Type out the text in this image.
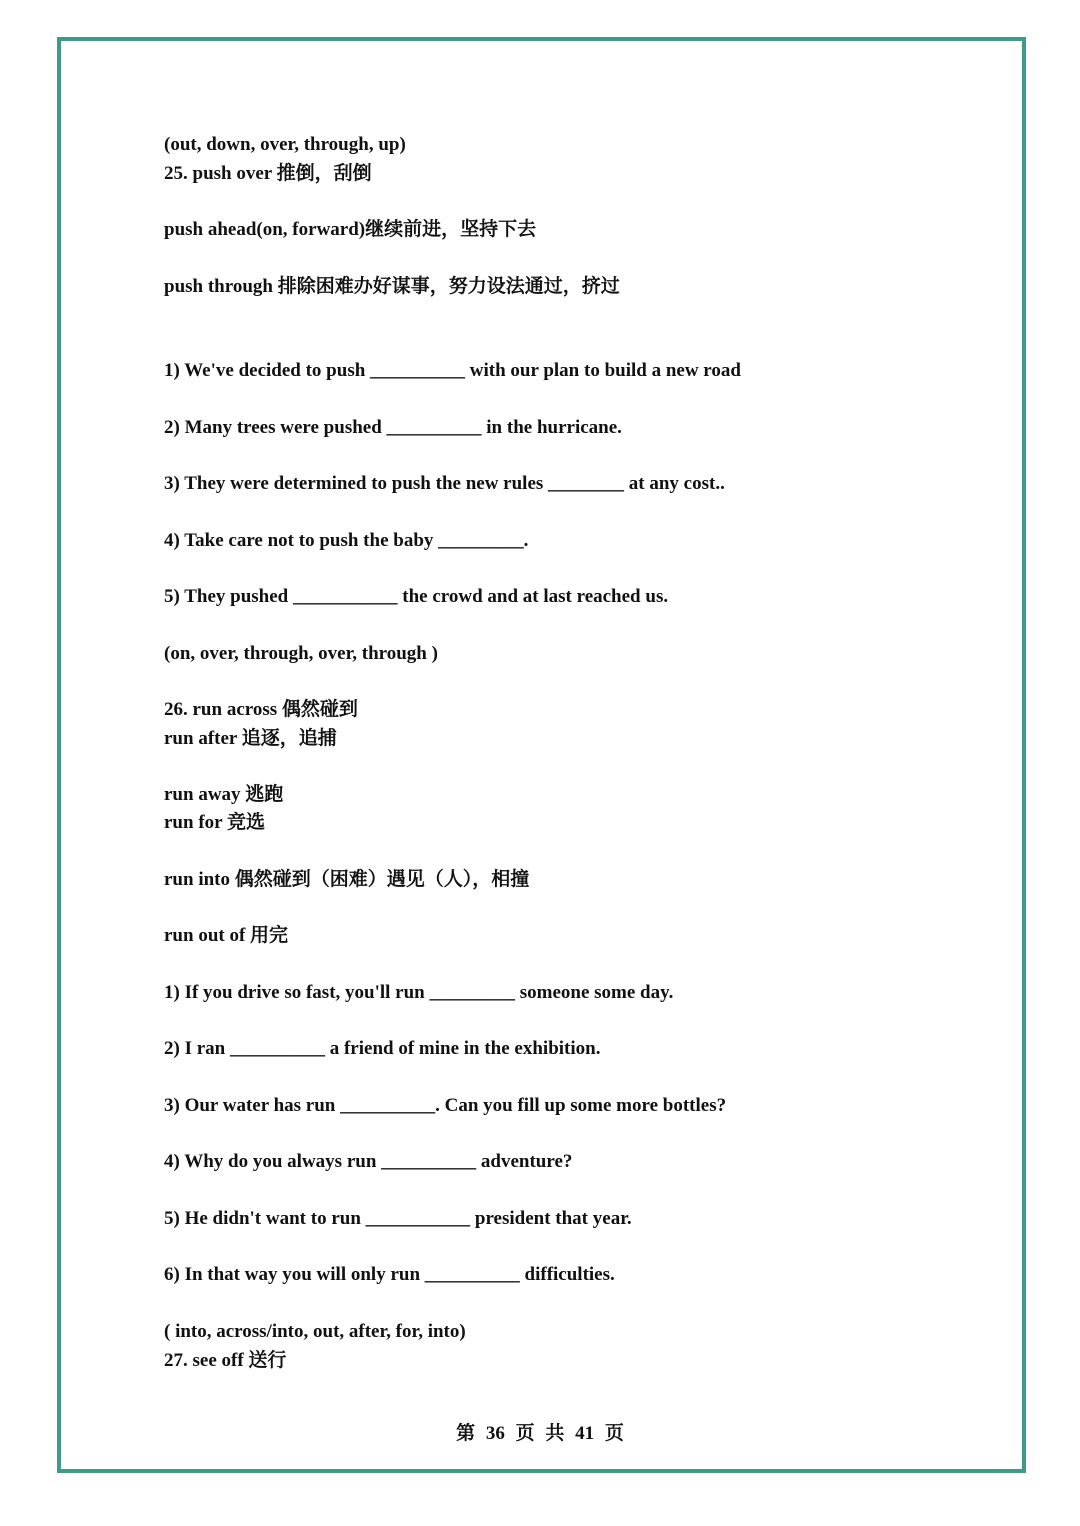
(out, down, over, through, up)
25. push over 推倒，刮倒
push ahead(on, forward)继续前进，坚持下去
push through 排除困难办好谋事，努力设法通过，挤过
1) We've decided to push __________ with our plan to build a new road
2) Many trees were pushed __________ in the hurricane.
3) They were determined to push the new rules ________ at any cost..
4) Take care not to push the baby _________.
5) They pushed ___________ the crowd and at last reached us.
(on, over, through, over, through )
26. run across 偶然碰到
run after 追逐，追捕
run away 逃跑
run for 竞选
run into 偶然碰到（困难）遇见（人），相撞
run out of 用完
1) If you drive so fast, you'll run _________ someone some day.
2) I ran __________ a friend of mine in the exhibition.
3) Our water has run __________. Can you fill up some more bottles?
4) Why do you always run __________ adventure?
5) He didn't want to run ___________ president that year.
6) In that way you will only run __________ difficulties.
( into, across/into, out, after, for, into)
27. see off 送行
第 36 页 共 41 页
